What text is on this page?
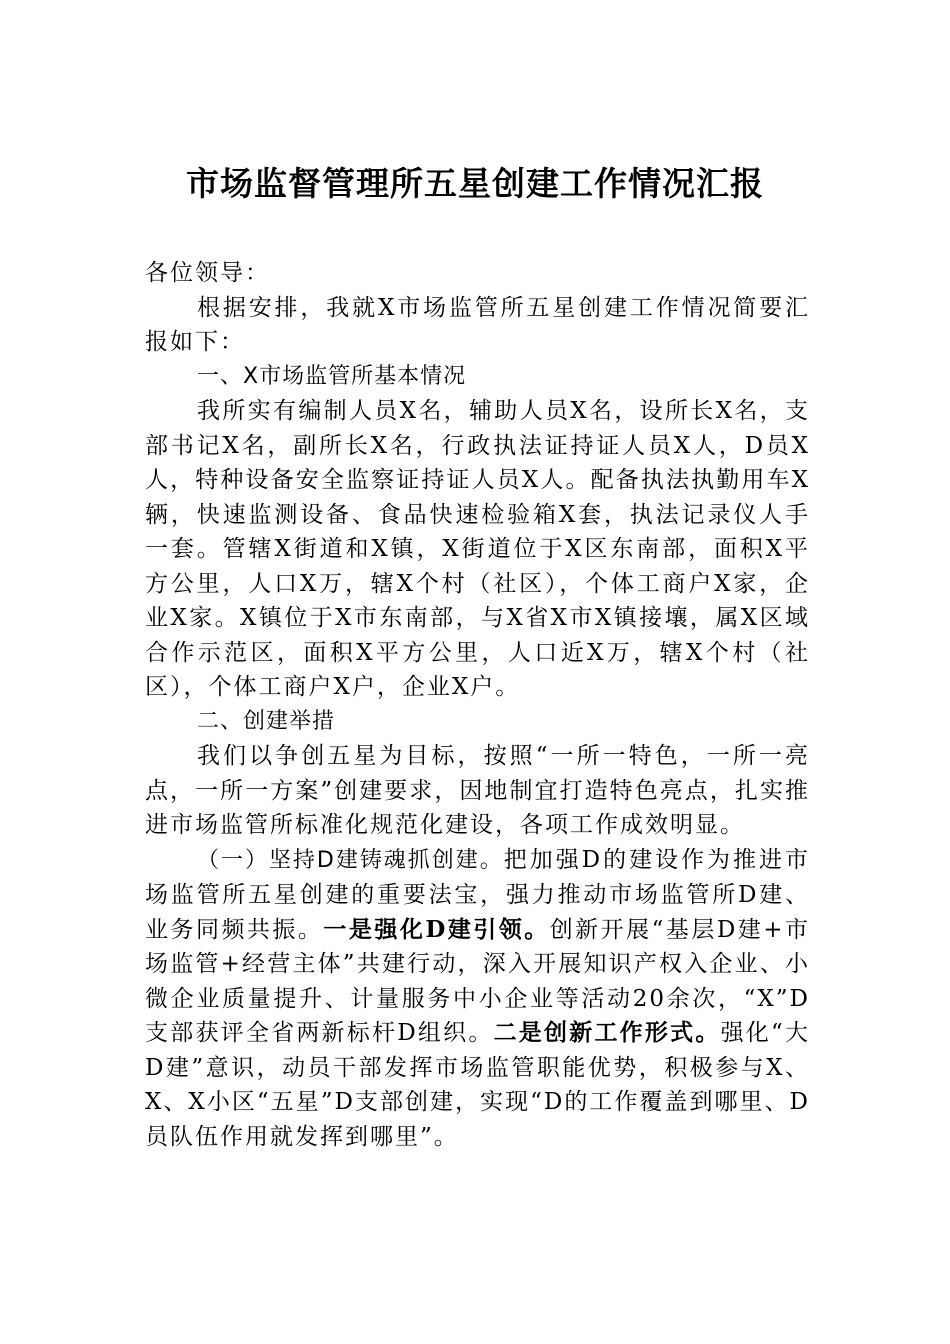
市场监督管理所五星创建工作情况汇报

各位领导：

根据安排，我就X市场监管所五星创建工作情况简要汇报如下：

一、X市场监管所基本情况

我所实有编制人员X名，辅助人员X名，设所长X名，支部书记X名，副所长X名，行政执法证持证人员X人，D员X人，特种设备安全监察证持证人员X人。配备执法执勤用车X辆，快速监测设备、食品快速检验箱X套，执法记录仪人手一套。管辖X街道和X镇，X街道位于X区东南部，面积X平方公里，人口X万，辖X个村（社区），个体工商户X家，企业X家。X镇位于X市东南部，与X省X市X镇接壤，属X区域合作示范区，面积X平方公里，人口近X万，辖X个村（社区），个体工商户X户，企业X户。

二、创建举措

我们以争创五星为目标，按照“一所一特色，一所一亮点，一所一方案”创建要求，因地制宜打造特色亮点，扎实推进市场监管所标准化规范化建设，各项工作成效明显。

（一）坚持D建铸魂抓创建。把加强D的建设作为推进市场监管所五星创建的重要法宝，强力推动市场监管所D建、业务同频共振。一是强化D建引领。创新开展“基层D建+市场监管+经营主体”共建行动，深入开展知识产权入企业、小微企业质量提升、计量服务中小企业等活动20余次，“X”D支部获评全省两新标杆D组织。二是创新工作形式。强化“大D建”意识，动员干部发挥市场监管职能优势，积极参与X、X、X小区“五星”D支部创建，实现“D的工作覆盖到哪里、D员队伍作用就发挥到哪里”。
